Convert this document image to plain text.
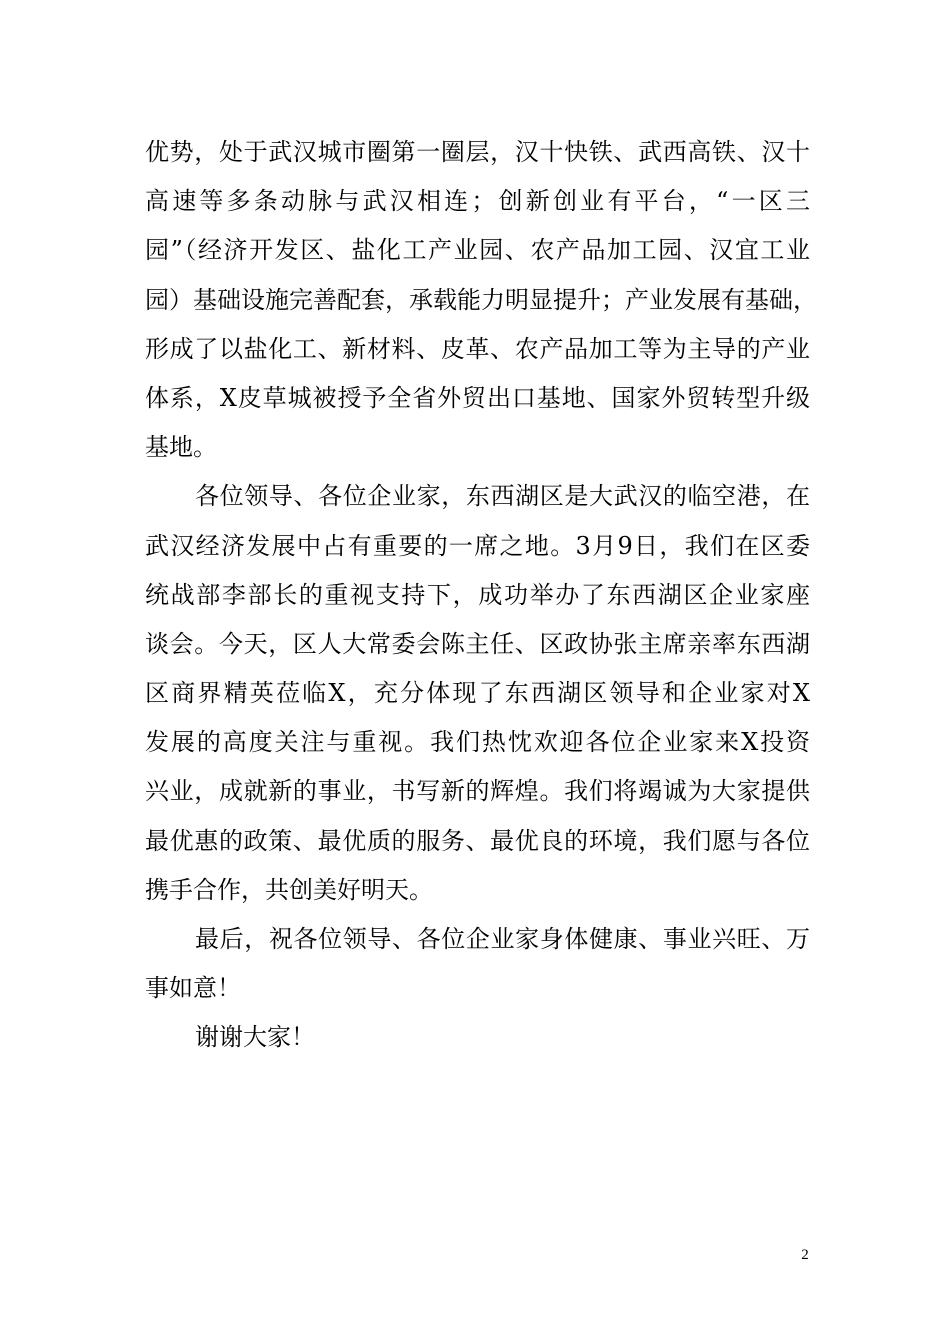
优势，处于武汉城市圈第一圈层，汉十快铁、武西高铁、汉十
高速等多条动脉与武汉相连；创新创业有平台，“一区三
园”（经济开发区、盐化工产业园、农产品加工园、汉宜工业
园）基础设施完善配套，承载能力明显提升；产业发展有基础，
形成了以盐化工、新材料、皮革、农产品加工等为主导的产业
体系，X皮草城被授予全省外贸出口基地、国家外贸转型升级
基地。
各位领导、各位企业家，东西湖区是大武汉的临空港，在
武汉经济发展中占有重要的一席之地。3月9日，我们在区委
统战部李部长的重视支持下，成功举办了东西湖区企业家座
谈会。今天，区人大常委会陈主任、区政协张主席亲率东西湖
区商界精英莅临X，充分体现了东西湖区领导和企业家对X
发展的高度关注与重视。我们热忱欢迎各位企业家来X投资
兴业，成就新的事业，书写新的辉煌。我们将竭诚为大家提供
最优惠的政策、最优质的服务、最优良的环境，我们愿与各位
携手合作，共创美好明天。
最后，祝各位领导、各位企业家身体健康、事业兴旺、万
事如意！
谢谢大家！
2
